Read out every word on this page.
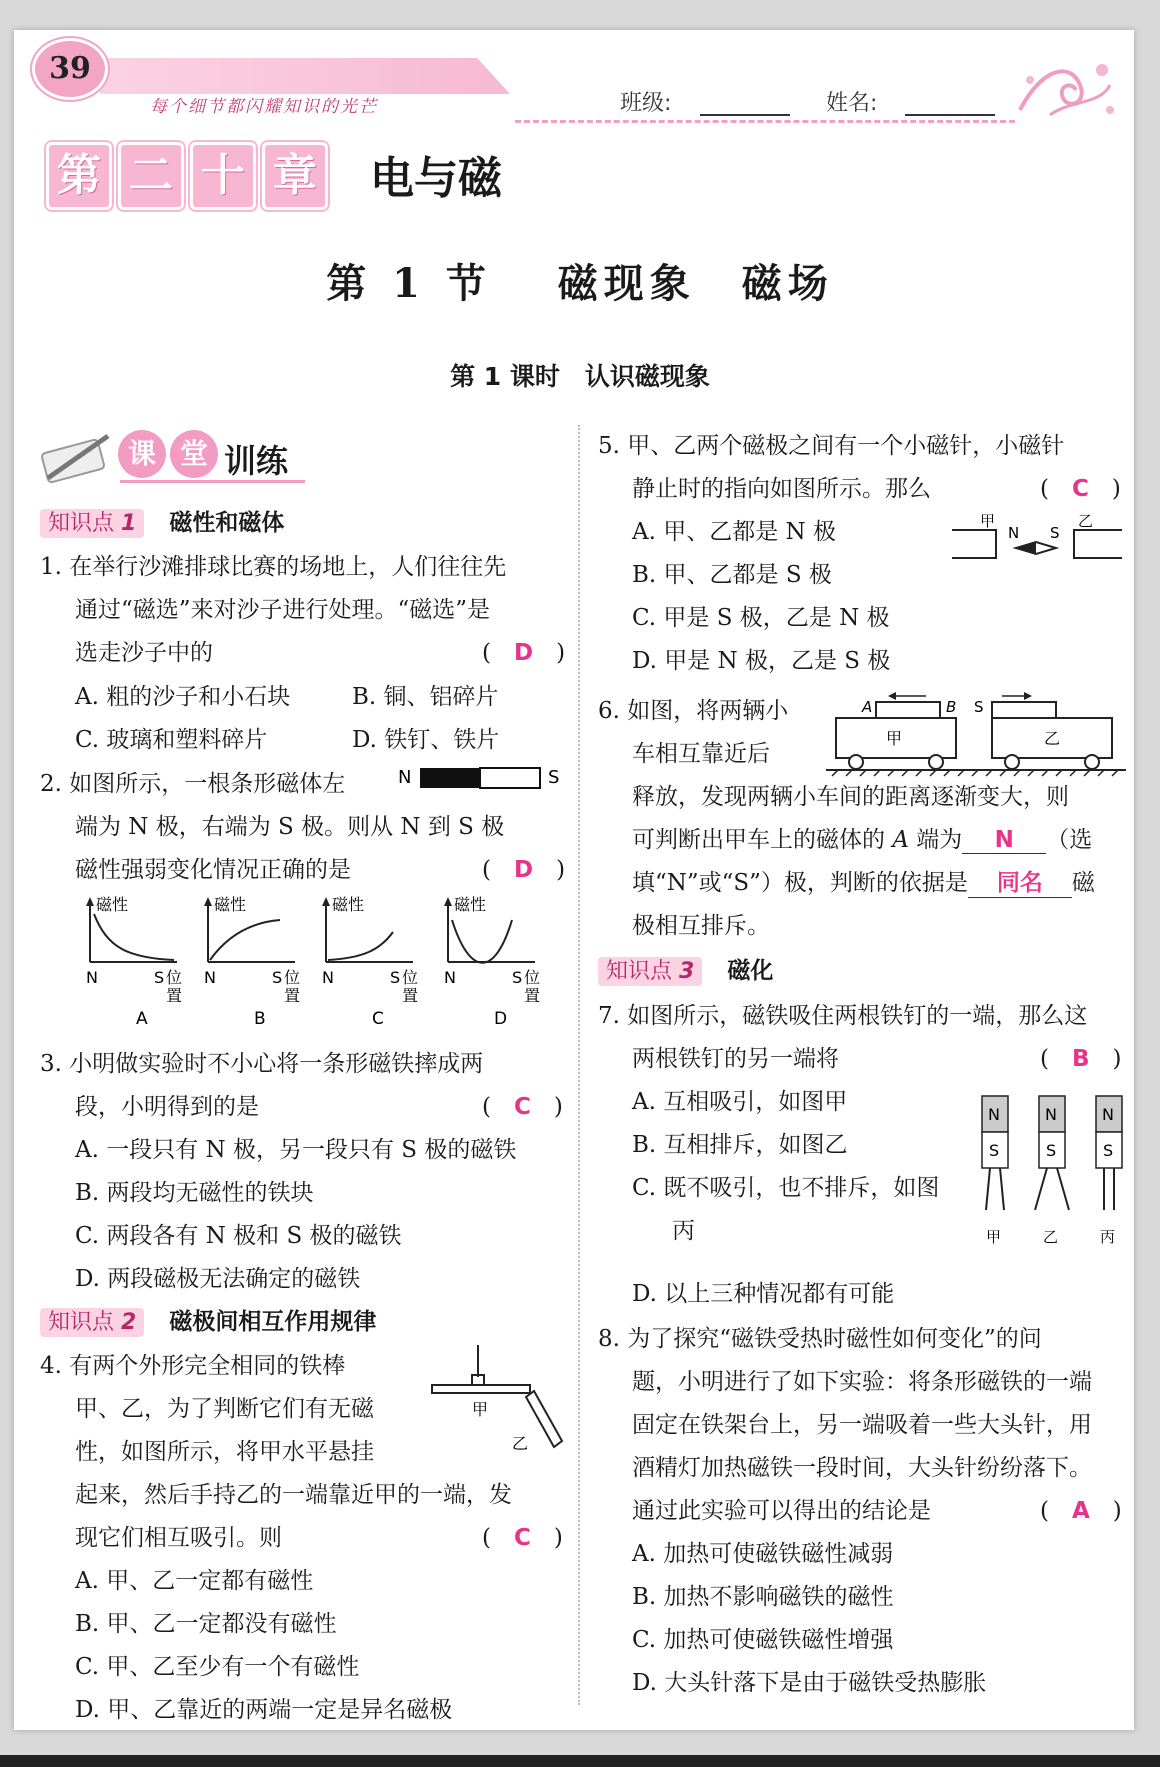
39
每个细节都闪耀知识的光芒	班级:	姓名:
第 二 十 章 电与磁
第 1 节　 磁现象　磁场
第 1 课时　认识磁现象
课 堂 训练
知识点 1 磁性和磁体
1. 在举行沙滩排球比赛的场地上，人们往往先
通过“磁选”来对沙子进行处理。“磁选”是
选走沙子中的	(　D　)
A. 粗的沙子和小石块	B. 铜、铝碎片
C. 玻璃和塑料碎片	D. 铁钉、铁片
2. 如图所示，一根条形磁体左	N	S
端为 N 极，右端为 S 极。则从 N 到 S 极
磁性强弱变化情况正确的是	(　D　)
磁性
N	S 位
置
A
磁性
N	S 位
置
B
磁性
N	S 位
置
C
磁性
N	S 位
置
D
3. 小明做实验时不小心将一条形磁铁摔成两
段，小明得到的是	(　C　)
A. 一段只有 N 极，另一段只有 S 极的磁铁
B. 两段均无磁性的铁块
C. 两段各有 N 极和 S 极的磁铁
D. 两段磁极无法确定的磁铁
知识点 2 磁极间相互作用规律
4. 有两个外形完全相同的铁棒
甲、乙，为了判断它们有无磁
性，如图所示，将甲水平悬挂
甲
乙
起来，然后手持乙的一端靠近甲的一端，发
现它们相互吸引。则	(　C　)
A. 甲、乙一定都有磁性
B. 甲、乙一定都没有磁性
C. 甲、乙至少有一个有磁性
D. 甲、乙靠近的两端一定是异名磁极
5. 甲、乙两个磁极之间有一个小磁针，小磁针
静止时的指向如图所示。那么	(　C　)
A. 甲、乙都是 N 极	甲
N S
乙
B. 甲、乙都是 S 极
C. 甲是 S 极，乙是 N 极
D. 甲是 N 极，乙是 S 极
6. 如图，将两辆小
车相互靠近后
A	B
甲
S
乙
释放，发现两辆小车间的距离逐渐变大，则
可判断出甲车上的磁体的 A 端为 N （选
填“N”或“S”）极，判断的依据是 同名 磁
极相互排斥。
知识点 3 磁化
7. 如图所示，磁铁吸住两根铁钉的一端，那么这
两根铁钉的另一端将	(　B　)
A. 互相吸引，如图甲	N
S
甲
N
S
乙
N
S
丙
B. 互相排斥，如图乙
C. 既不吸引，也不排斥，如图
丙
D. 以上三种情况都有可能
8. 为了探究“磁铁受热时磁性如何变化”的问
题，小明进行了如下实验：将条形磁铁的一端
固定在铁架台上，另一端吸着一些大头针，用
酒精灯加热磁铁一段时间，大头针纷纷落下。
通过此实验可以得出的结论是	(　A　)
A. 加热可使磁铁磁性减弱
B. 加热不影响磁铁的磁性
C. 加热可使磁铁磁性增强
D. 大头针落下是由于磁铁受热膨胀
